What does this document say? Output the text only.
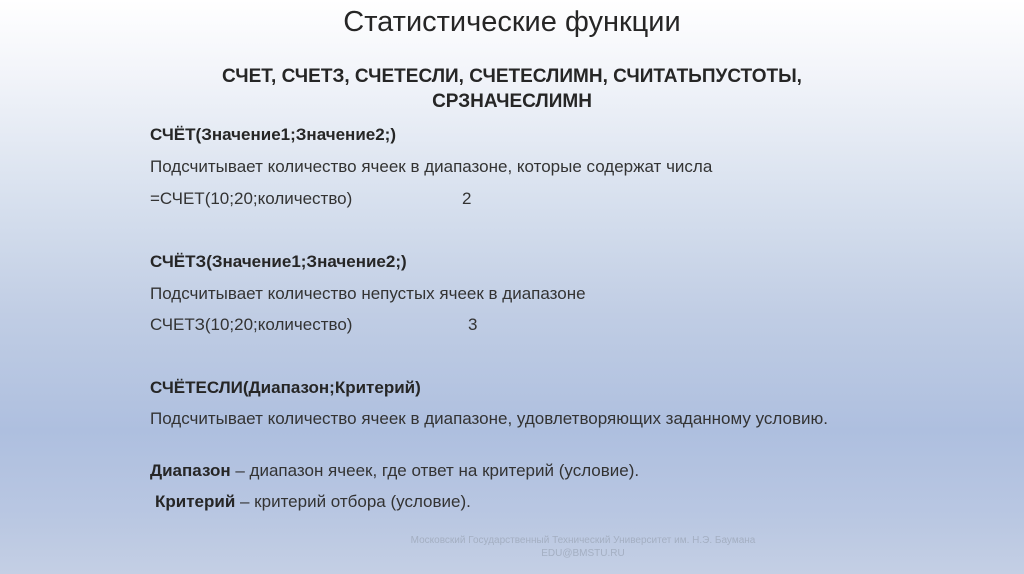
Статистические функции
СЧЕТ, СЧЕТЗ, СЧЕТЕСЛИ, СЧЕТЕСЛИМН, СЧИТАТЬПУСТОТЫ,
СРЗНАЧЕСЛИМН
СЧЁТ(Значение1;Значение2;)
Подсчитывает количество ячеек в диапазоне, которые содержат числа
=СЧЕТ(10;20;количество)	2
СЧЁТЗ(Значение1;Значение2;)
Подсчитывает количество непустых ячеек в диапазоне
СЧЕТЗ(10;20;количество)	3
СЧЁТЕСЛИ(Диапазон;Критерий)
Подсчитывает количество ячеек в диапазоне, удовлетворяющих заданному условию.
Диапазон – диапазон ячеек, где ответ на критерий (условие).
Критерий – критерий отбора (условие).
Московский Государственный Технический Университет им. Н.Э. Баумана
EDU@BMSTU.RU
